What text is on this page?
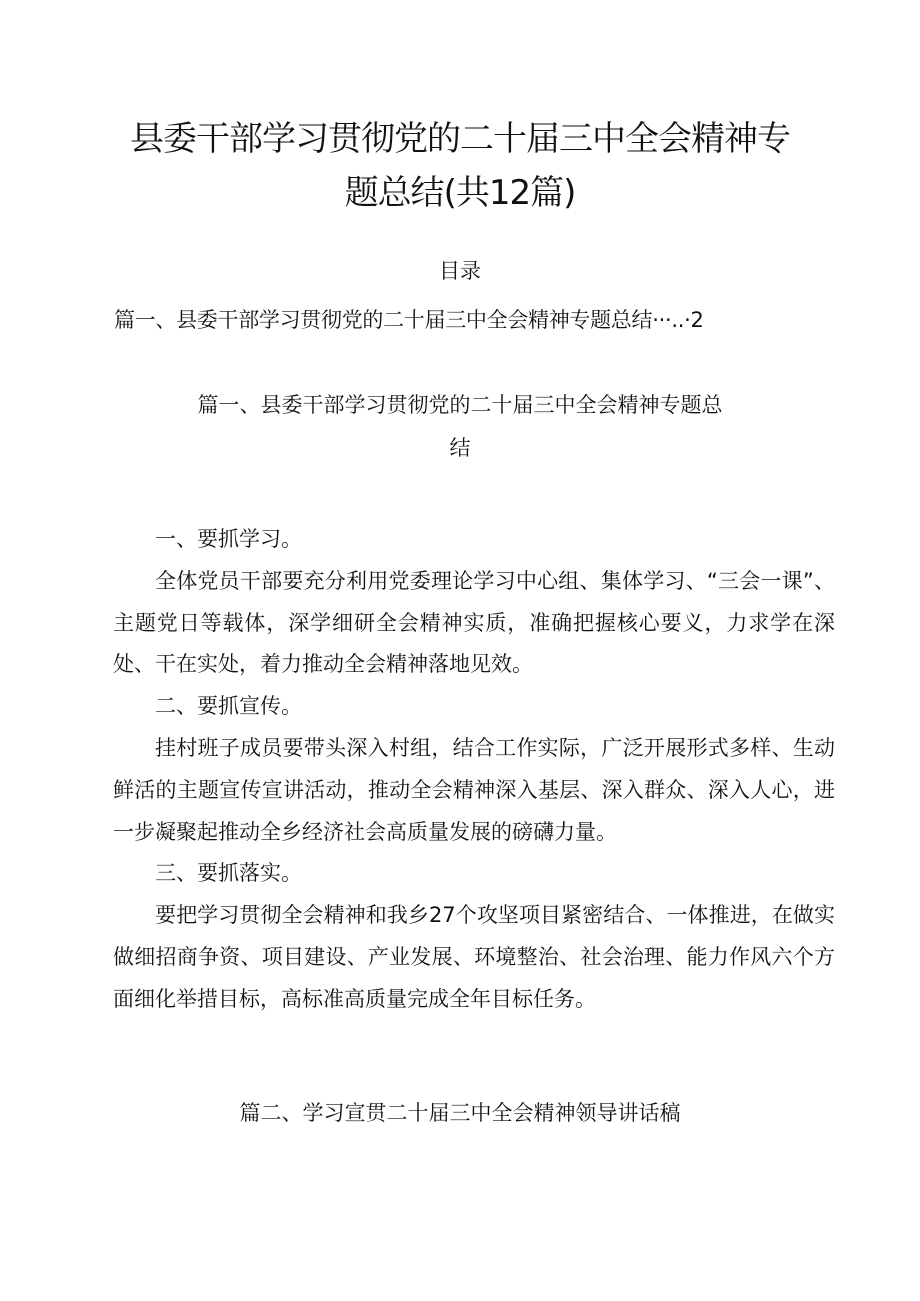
县委干部学习贯彻党的二十届三中全会精神专
题总结(共12篇)
目录
篇一、县委干部学习贯彻党的二十届三中全会精神专题总结···..·2
篇一、县委干部学习贯彻党的二十届三中全会精神专题总
结

一、要抓学习。

全体党员干部要充分利用党委理论学习中心组、集体学习、“三会一课”、主题党日等载体，深学细研全会精神实质，准确把握核心要义，力求学在深处、干在实处，着力推动全会精神落地见效。

二、要抓宣传。

挂村班子成员要带头深入村组，结合工作实际，广泛开展形式多样、生动鲜活的主题宣传宣讲活动，推动全会精神深入基层、深入群众、深入人心，进一步凝聚起推动全乡经济社会高质量发展的磅礴力量。

三、要抓落实。

要把学习贯彻全会精神和我乡27个攻坚项目紧密结合、一体推进，在做实做细招商争资、项目建设、产业发展、环境整治、社会治理、能力作风六个方面细化举措目标，高标准高质量完成全年目标任务。

篇二、学习宣贯二十届三中全会精神领导讲话稿
